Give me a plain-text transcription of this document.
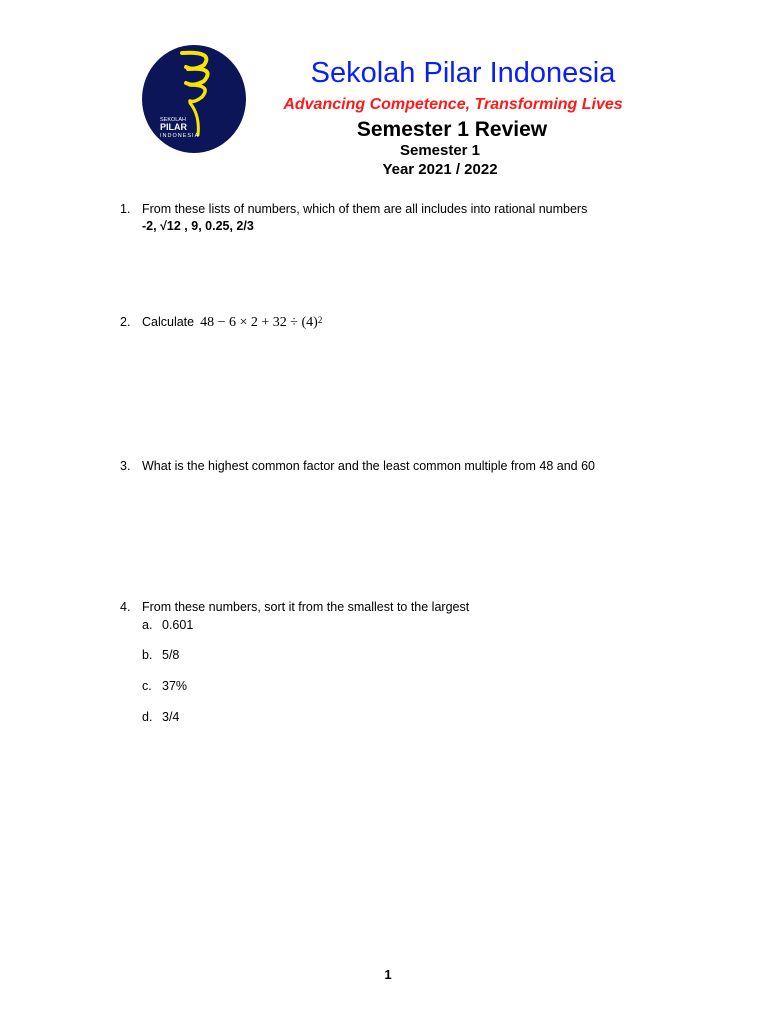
SEKOLAH
PILAR
INDONESIA
Sekolah Pilar Indonesia
Advancing Competence, Transforming Lives
Semester 1 Review
Semester 1
Year 2021 / 2022
1. From these lists of numbers, which of them are all includes into rational numbers
-2, √12 , 9, 0.25, 2/3
2. Calculate $48 - 6 \times 2 + 32 \div (4)^2$
3. What is the highest common factor and the least common multiple from 48 and 60
4. From these numbers, sort it from the smallest to the largest
a. 0.601
b. 5/8
c. 37%
d. 3/4
1
